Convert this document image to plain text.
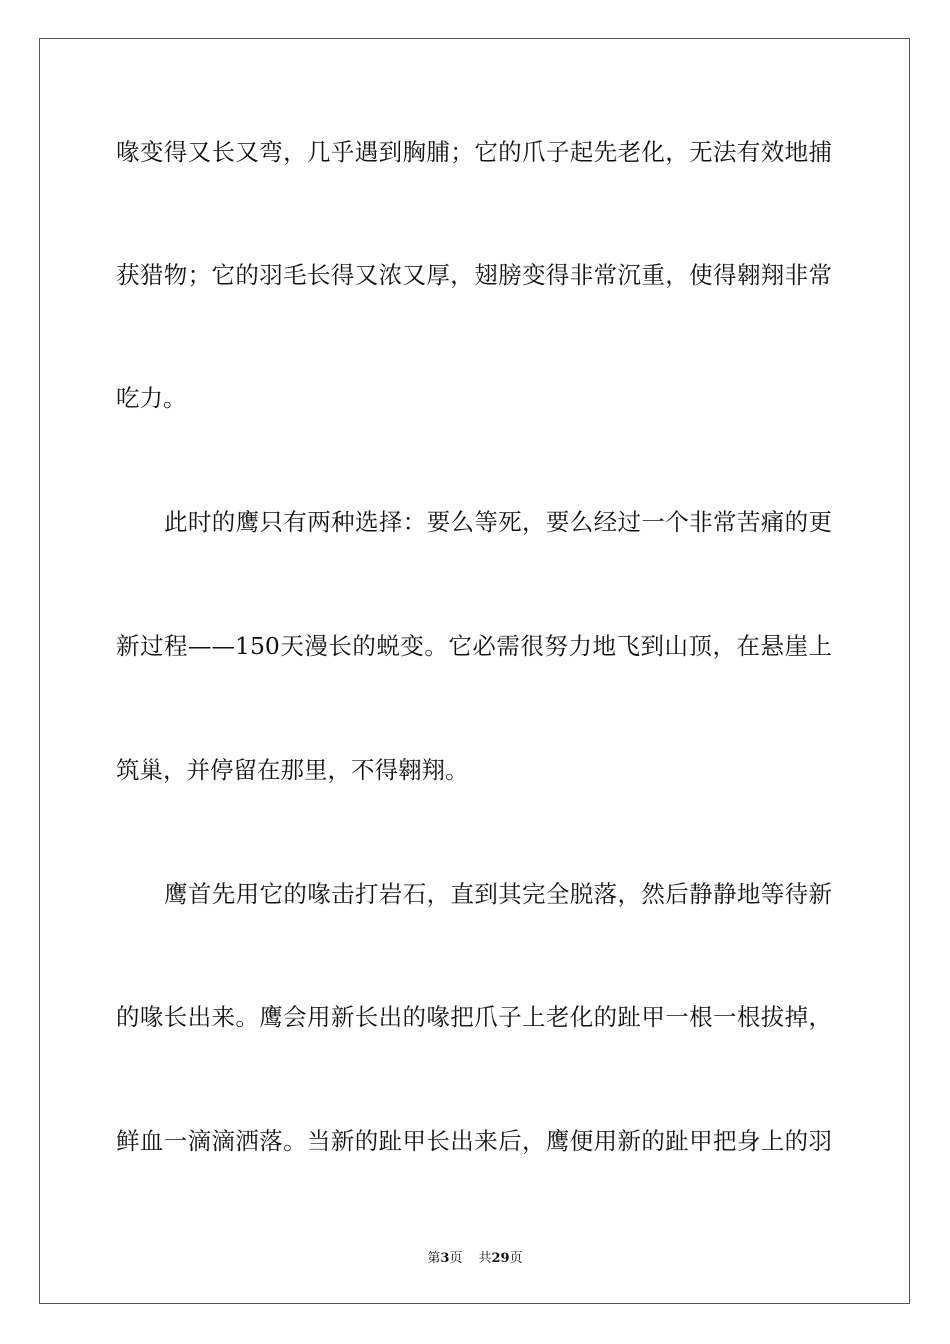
喙变得又长又弯，几乎遇到胸脯；它的爪子起先老化，无法有效地捕

获猎物；它的羽毛长得又浓又厚，翅膀变得非常沉重，使得翱翔非常

吃力。

此时的鹰只有两种选择：要么等死，要么经过一个非常苦痛的更

新过程——150天漫长的蜕变。它必需很努力地飞到山顶，在悬崖上

筑巢，并停留在那里，不得翱翔。

鹰首先用它的喙击打岩石，直到其完全脱落，然后静静地等待新

的喙长出来。鹰会用新长出的喙把爪子上老化的趾甲一根一根拔掉，

鲜血一滴滴洒落。当新的趾甲长出来后，鹰便用新的趾甲把身上的羽

第3页 共29页
